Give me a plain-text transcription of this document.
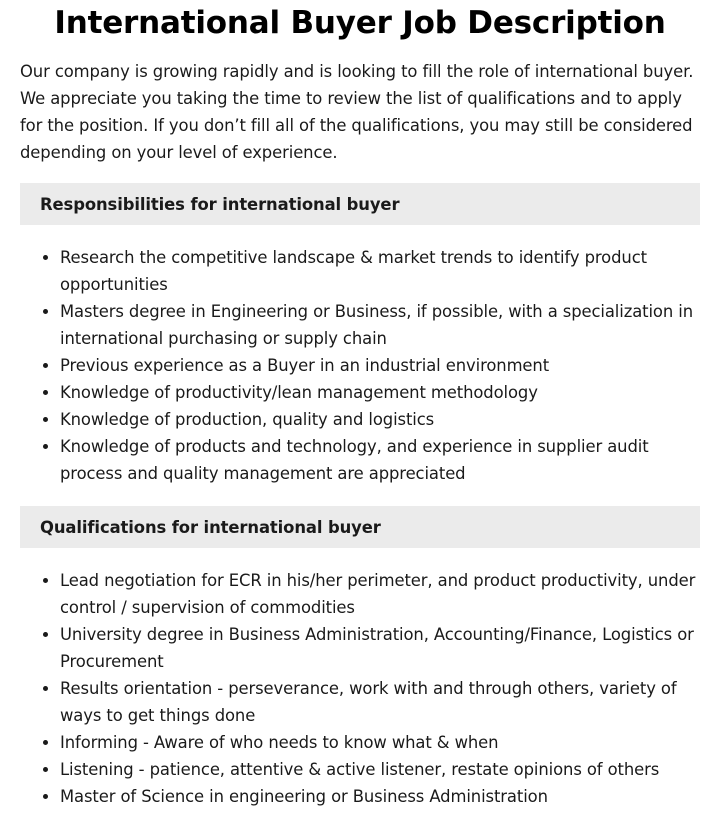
International Buyer Job Description

Our company is growing rapidly and is looking to fill the role of international buyer. We appreciate you taking the time to review the list of qualifications and to apply for the position. If you don’t fill all of the qualifications, you may still be considered depending on your level of experience.

Responsibilities for international buyer
Research the competitive landscape & market trends to identify product opportunities
Masters degree in Engineering or Business, if possible, with a specialization in international purchasing or supply chain
Previous experience as a Buyer in an industrial environment
Knowledge of productivity/lean management methodology
Knowledge of production, quality and logistics
Knowledge of products and technology, and experience in supplier audit process and quality management are appreciated
Qualifications for international buyer
Lead negotiation for ECR in his/her perimeter, and product productivity, under control / supervision of commodities
University degree in Business Administration, Accounting/Finance, Logistics or Procurement
Results orientation - perseverance, work with and through others, variety of ways to get things done
Informing - Aware of who needs to know what & when
Listening - patience, attentive & active listener, restate opinions of others
Master of Science in engineering or Business Administration
